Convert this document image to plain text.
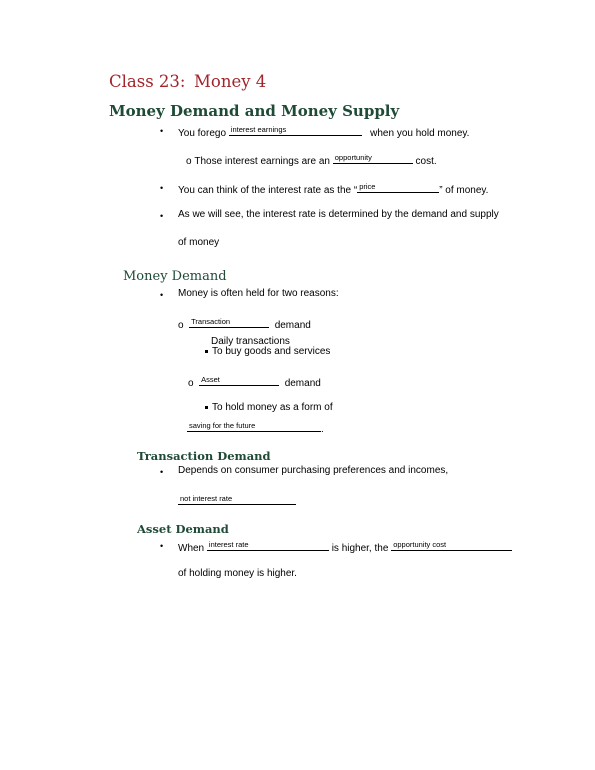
Class 23: Money 4
Money Demand and Money Supply
• You forego interest earnings	when you hold money.
o Those interest earnings are an opportunity	cost.
• You can think of the interest rate as the “ price	” of money.
• As we will see, the interest rate is determined by the demand and supply
of money
Money Demand
• Money is often held for two reasons:
o Transaction	demand
Daily transactions
To buy goods and services
o Asset	demand
To hold money as a form of
saving for the future	.
Transaction Demand
• Depends on consumer purchasing preferences and incomes,
not interest rate
Asset Demand
• When interest rate	is higher, the opportunity cost
of holding money is higher.
